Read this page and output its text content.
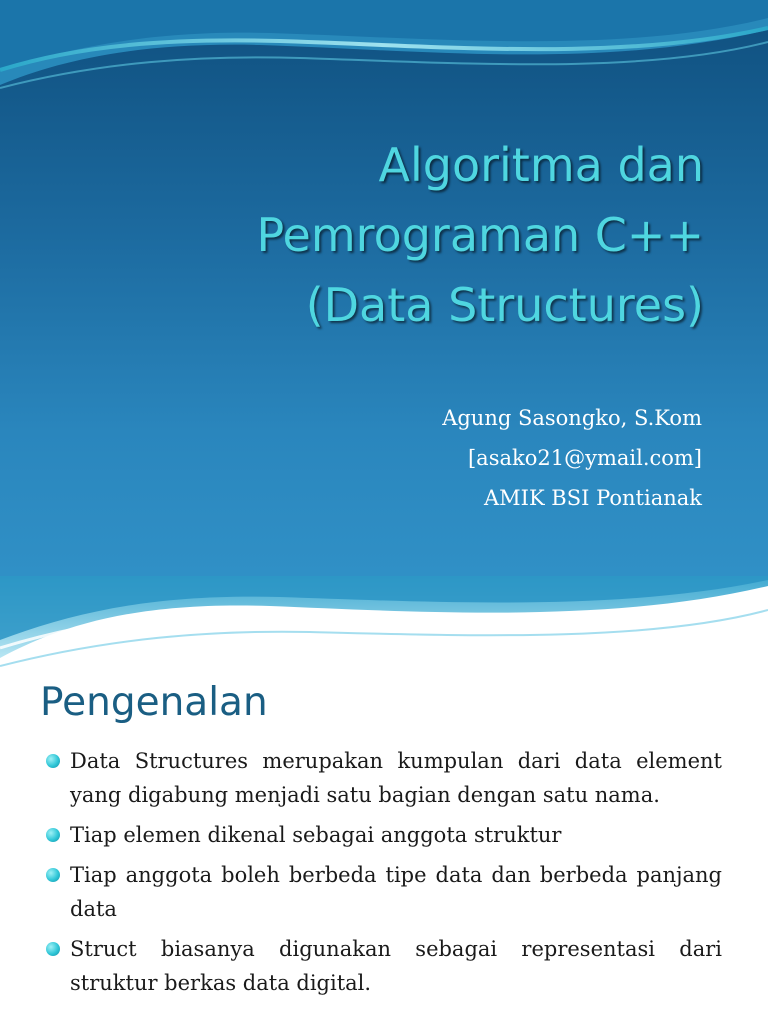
Algoritma dan
Pemrograman C++
(Data Structures)
Agung Sasongko, S.Kom
[asako21@ymail.com]
AMIK BSI Pontianak
Pengenalan
Data Structures merupakan kumpulan dari data element yang digabung menjadi satu bagian dengan satu nama.
Tiap elemen dikenal sebagai anggota struktur
Tiap anggota boleh berbeda tipe data dan berbeda panjang data
Struct biasanya digunakan sebagai representasi dari struktur berkas data digital.
